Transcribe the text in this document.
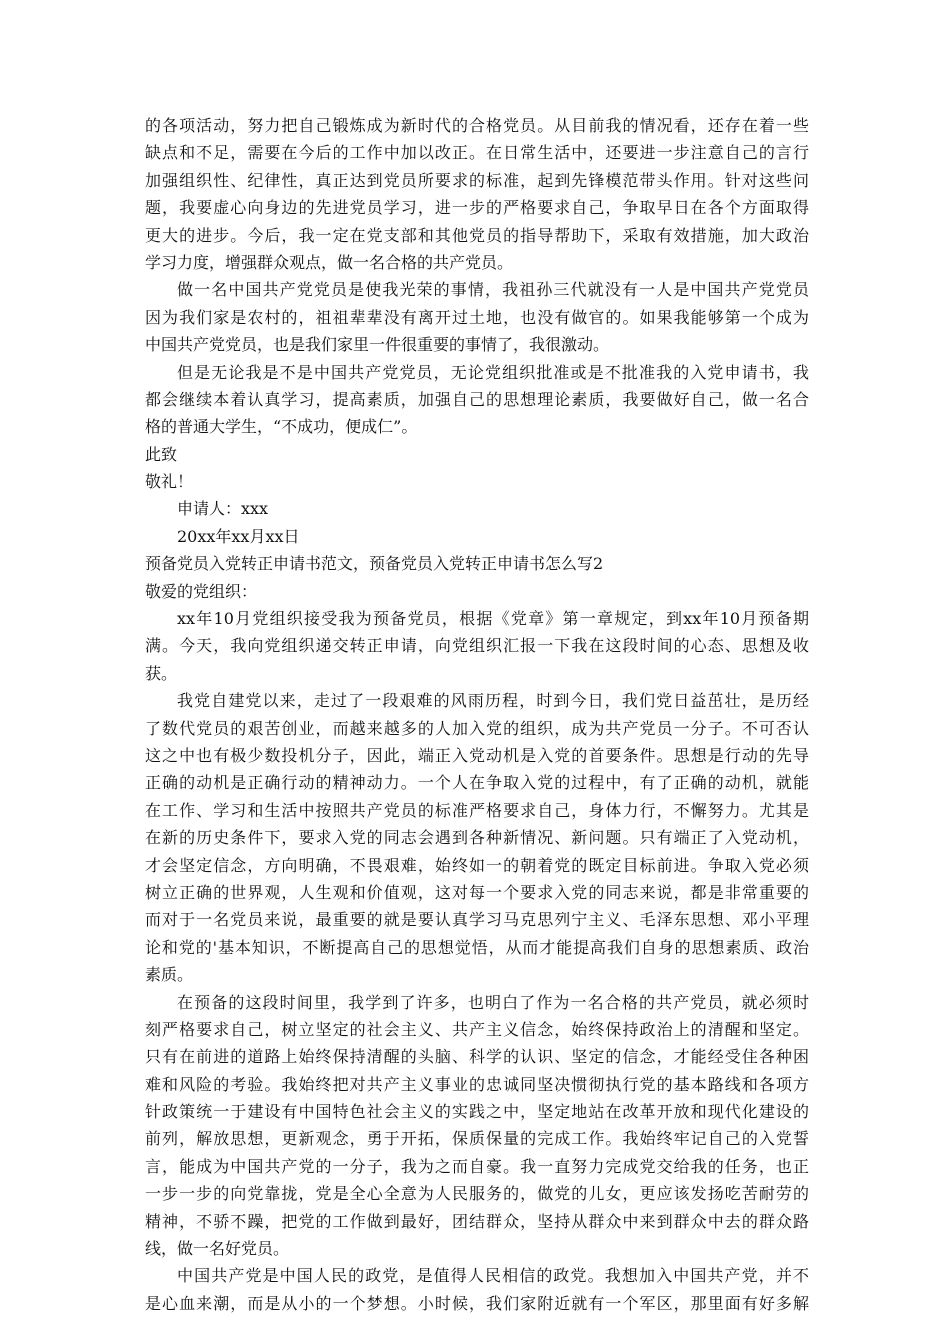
的各项活动，努力把自己锻炼成为新时代的合格党员。从目前我的情况看，还存在着一些
缺点和不足，需要在今后的工作中加以改正。在日常生活中，还要进一步注意自己的言行
加强组织性、纪律性，真正达到党员所要求的标准，起到先锋模范带头作用。针对这些问
题，我要虚心向身边的先进党员学习，进一步的严格要求自己，争取早日在各个方面取得
更大的进步。今后，我一定在党支部和其他党员的指导帮助下，采取有效措施，加大政治
学习力度，增强群众观点，做一名合格的共产党员。
做一名中国共产党党员是使我光荣的事情，我祖孙三代就没有一人是中国共产党党员
因为我们家是农村的，祖祖辈辈没有离开过土地，也没有做官的。如果我能够第一个成为
中国共产党党员，也是我们家里一件很重要的事情了，我很激动。
但是无论我是不是中国共产党党员，无论党组织批准或是不批准我的入党申请书，我
都会继续本着认真学习，提高素质，加强自己的思想理论素质，我要做好自己，做一名合
格的普通大学生，“不成功，便成仁”。
此致
敬礼！
申请人：xxx
20xx年xx月xx日
预备党员入党转正申请书范文，预备党员入党转正申请书怎么写2
敬爱的党组织：
xx年10月党组织接受我为预备党员，根据《党章》第一章规定，到xx年10月预备期
满。今天，我向党组织递交转正申请，向党组织汇报一下我在这段时间的心态、思想及收
获。
我党自建党以来，走过了一段艰难的风雨历程，时到今日，我们党日益茁壮，是历经
了数代党员的艰苦创业，而越来越多的人加入党的组织，成为共产党员一分子。不可否认
这之中也有极少数投机分子，因此，端正入党动机是入党的首要条件。思想是行动的先导
正确的动机是正确行动的精神动力。一个人在争取入党的过程中，有了正确的动机，就能
在工作、学习和生活中按照共产党员的标准严格要求自己，身体力行，不懈努力。尤其是
在新的历史条件下，要求入党的同志会遇到各种新情况、新问题。只有端正了入党动机，
才会坚定信念，方向明确，不畏艰难，始终如一的朝着党的既定目标前进。争取入党必须
树立正确的世界观，人生观和价值观，这对每一个要求入党的同志来说，都是非常重要的
而对于一名党员来说，最重要的就是要认真学习马克思列宁主义、毛泽东思想、邓小平理
论和党的'基本知识，不断提高自己的思想觉悟，从而才能提高我们自身的思想素质、政治
素质。
在预备的这段时间里，我学到了许多，也明白了作为一名合格的共产党员，就必须时
刻严格要求自己，树立坚定的社会主义、共产主义信念，始终保持政治上的清醒和坚定。
只有在前进的道路上始终保持清醒的头脑、科学的认识、坚定的信念，才能经受住各种困
难和风险的考验。我始终把对共产主义事业的忠诚同坚决惯彻执行党的基本路线和各项方
针政策统一于建设有中国特色社会主义的实践之中，坚定地站在改革开放和现代化建设的
前列，解放思想，更新观念，勇于开拓，保质保量的完成工作。我始终牢记自己的入党誓
言，能成为中国共产党的一分子，我为之而自豪。我一直努力完成党交给我的任务，也正
一步一步的向党靠拢，党是全心全意为人民服务的，做党的儿女，更应该发扬吃苦耐劳的
精神，不骄不躁，把党的工作做到最好，团结群众，坚持从群众中来到群众中去的群众路
线，做一名好党员。
中国共产党是中国人民的政党，是值得人民相信的政党。我想加入中国共产党，并不
是心血来潮，而是从小的一个梦想。小时候，我们家附近就有一个军区，那里面有好多解
